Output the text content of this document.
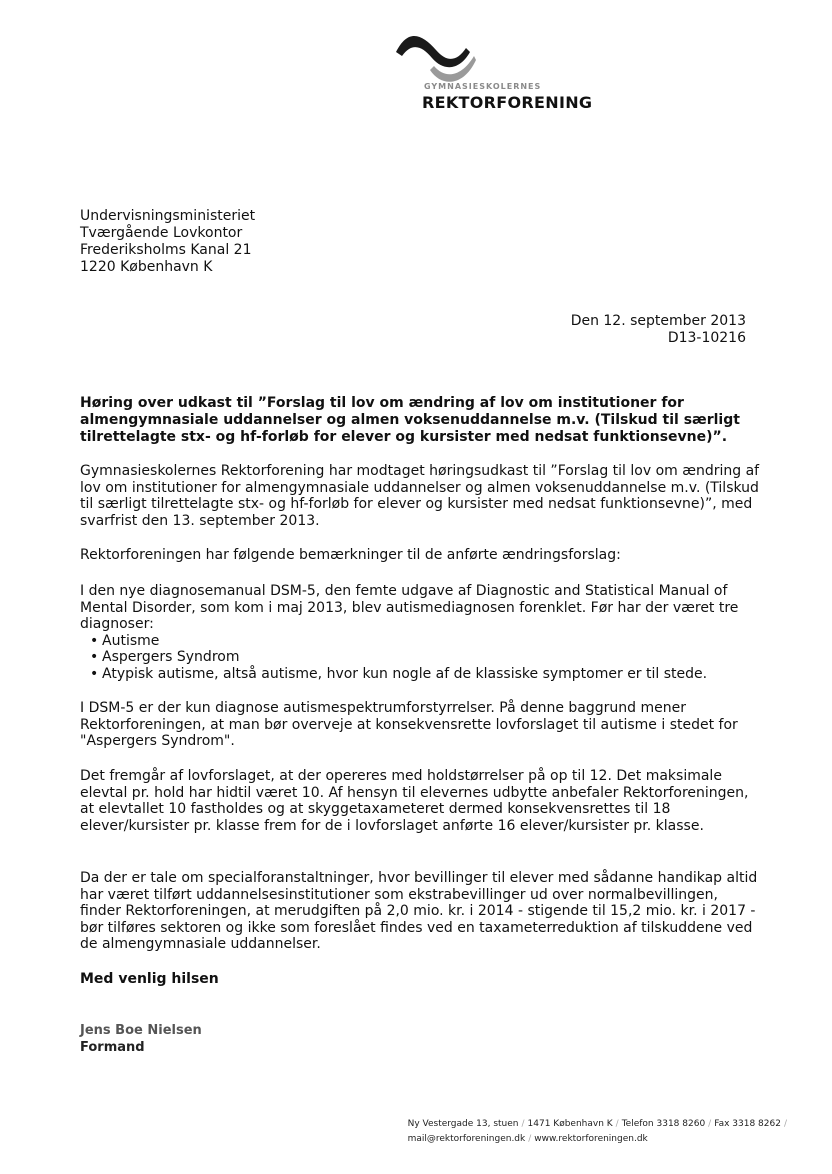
GYMNASIESKOLERNES
REKTORFORENING
Undervisningsministeriet
Tværgående Lovkontor
Frederiksholms Kanal 21
1220 København K
Den 12. september 2013
D13-10216
Høring over udkast til ”Forslag til lov om ændring af lov om institutioner for almengymnasiale uddannelser og almen voksenuddannelse m.v. (Tilskud til særligt tilrettelagte stx- og hf-forløb for elever og kursister med nedsat funktionsevne)”.

Gymnasieskolernes Rektorforening har modtaget høringsudkast til ”Forslag til lov om ændring af lov om institutioner for almengymnasiale uddannelser og almen voksenuddannelse m.v. (Tilskud til særligt tilrettelagte stx- og hf-forløb for elever og kursister med nedsat funktionsevne)”, med svarfrist den 13. september 2013.

Rektorforeningen har følgende bemærkninger til de anførte ændringsforslag:

I den nye diagnosemanual DSM-5, den femte udgave af Diagnostic and Statistical Manual of Mental Disorder, som kom i maj 2013, blev autismediagnosen forenklet. Før har der været tre diagnoser:
• Autisme
• Aspergers Syndrom
• Atypisk autisme, altså autisme, hvor kun nogle af de klassiske symptomer er til stede.

I DSM-5 er der kun diagnose autismespektrumforstyrrelser. På denne baggrund mener Rektorforeningen, at man bør overveje at konsekvensrette lovforslaget til autisme i stedet for "Aspergers Syndrom".

Det fremgår af lovforslaget, at der opereres med holdstørrelser på op til 12. Det maksimale elevtal pr. hold har hidtil været 10. Af hensyn til elevernes udbytte anbefaler Rektorforeningen, at elevtallet 10 fastholdes og at skyggetaxameteret dermed konsekvensrettes til 18 elever/kursister pr. klasse frem for de i lovforslaget anførte 16 elever/kursister pr. klasse.

Da der er tale om specialforanstaltninger, hvor bevillinger til elever med sådanne handikap altid har været tilført uddannelsesinstitutioner som ekstrabevillinger ud over normalbevillingen, finder Rektorforeningen, at merudgiften på 2,0 mio. kr. i 2014 - stigende til 15,2 mio. kr. i 2017 - bør tilføres sektoren og ikke som foreslået findes ved en taxameterreduktion af tilskuddene ved de almengymnasiale uddannelser.

Med venlig hilsen
Jens Boe Nielsen
Formand
Ny Vestergade 13, stuen / 1471 København K / Telefon 3318 8260 / Fax 3318 8262 /
mail@rektorforeningen.dk / www.rektorforeningen.dk
